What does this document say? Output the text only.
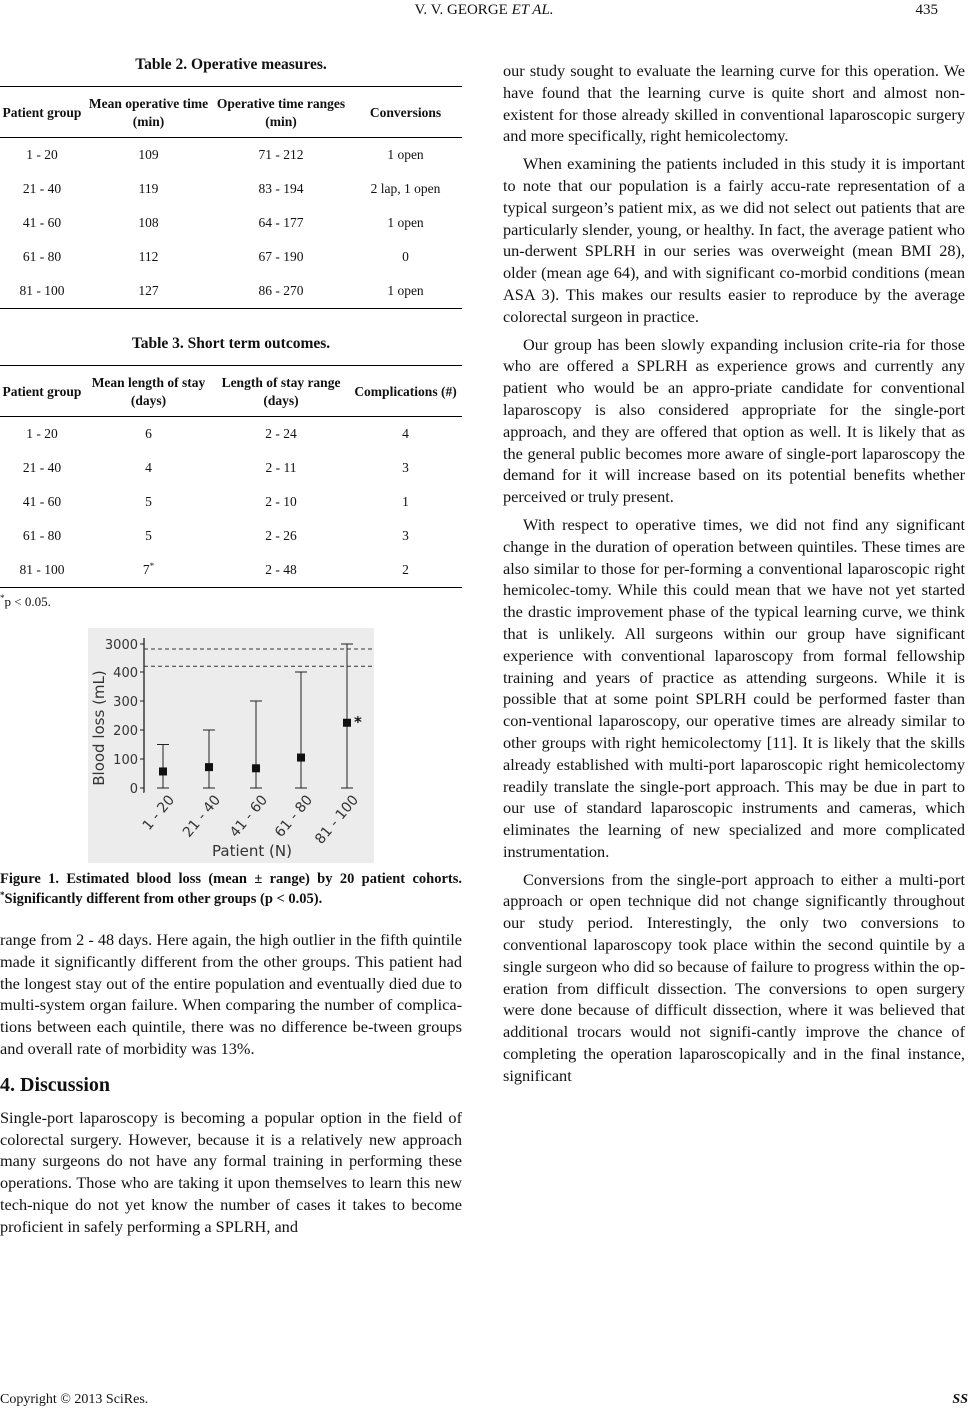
V. V. GEORGE ET AL.	435
Table 2. Operative measures.
Patient group	Mean operative time (min)	Operative time ranges (min)	Conversions
1 - 20	109	71 - 212	1 open
21 - 40	119	83 - 194	2 lap, 1 open
41 - 60	108	64 - 177	1 open
61 - 80	112	67 - 190	0
81 - 100	127	86 - 270	1 open
Table 3. Short term outcomes.
Patient group	Mean length of stay (days)	Length of stay range (days)	Complications (#)
1 - 20	6	2 - 24	4
21 - 40	4	2 - 11	3
41 - 60	5	2 - 10	1
61 - 80	5	2 - 26	3
81 - 100	7*	2 - 48	2
*p < 0.05.
0
100
200
300
400
3000
Blood loss (mL)
1 - 20 21 - 40 41 - 60 61 - 80
81 - 100
*
Patient (N)
Figure 1. Estimated blood loss (mean ± range) by 20 patient cohorts. *Significantly different from other groups (p < 0.05).

range from 2 - 48 days. Here again, the high outlier in the fifth quintile made it significantly different from the other groups. This patient had the longest stay out of the entire population and eventually died due to multi-system organ failure. When comparing the number of complica-tions between each quintile, there was no difference be-tween groups and overall rate of morbidity was 13%.

4. Discussion

Single-port laparoscopy is becoming a popular option in the field of colorectal surgery. However, because it is a relatively new approach many surgeons do not have any formal training in performing these operations. Those who are taking it upon themselves to learn this new tech-nique do not yet know the number of cases it takes to become proficient in safely performing a SPLRH, and

our study sought to evaluate the learning curve for this operation. We have found that the learning curve is quite short and almost non-existent for those already skilled in conventional laparoscopic surgery and more specifically, right hemicolectomy.

When examining the patients included in this study it is important to note that our population is a fairly accu-rate representation of a typical surgeon’s patient mix, as we did not select out patients that are particularly slender, young, or healthy. In fact, the average patient who un-derwent SPLRH in our series was overweight (mean BMI 28), older (mean age 64), and with significant co-morbid conditions (mean ASA 3). This makes our results easier to reproduce by the average colorectal surgeon in practice.

Our group has been slowly expanding inclusion crite-ria for those who are offered a SPLRH as experience grows and currently any patient who would be an appro-priate candidate for conventional laparoscopy is also considered appropriate for the single-port approach, and they are offered that option as well. It is likely that as the general public becomes more aware of single-port laparoscopy the demand for it will increase based on its potential benefits whether perceived or truly present.

With respect to operative times, we did not find any significant change in the duration of operation between quintiles. These times are also similar to those for per-forming a conventional laparoscopic right hemicolec-tomy. While this could mean that we have not yet started the drastic improvement phase of the typical learning curve, we think that is unlikely. All surgeons within our group have significant experience with conventional laparoscopy from formal fellowship training and years of practice as attending surgeons. While it is possible that at some point SPLRH could be performed faster than con-ventional laparoscopy, our operative times are already similar to other groups with right hemicolectomy [11]. It is likely that the skills already established with multi-port laparoscopic right hemicolectomy readily translate the single-port approach. This may be due in part to our use of standard laparoscopic instruments and cameras, which eliminates the learning of new specialized and more complicated instrumentation.

Conversions from the single-port approach to either a multi-port approach or open technique did not change significantly throughout our study period. Interestingly, the only two conversions to conventional laparoscopy took place within the second quintile by a single surgeon who did so because of failure to progress within the op-eration from difficult dissection. The conversions to open surgery were done because of difficult dissection, where it was believed that additional trocars would not signifi-cantly improve the chance of completing the operation laparoscopically and in the final instance, significant

Copyright © 2013 SciRes.	SS
